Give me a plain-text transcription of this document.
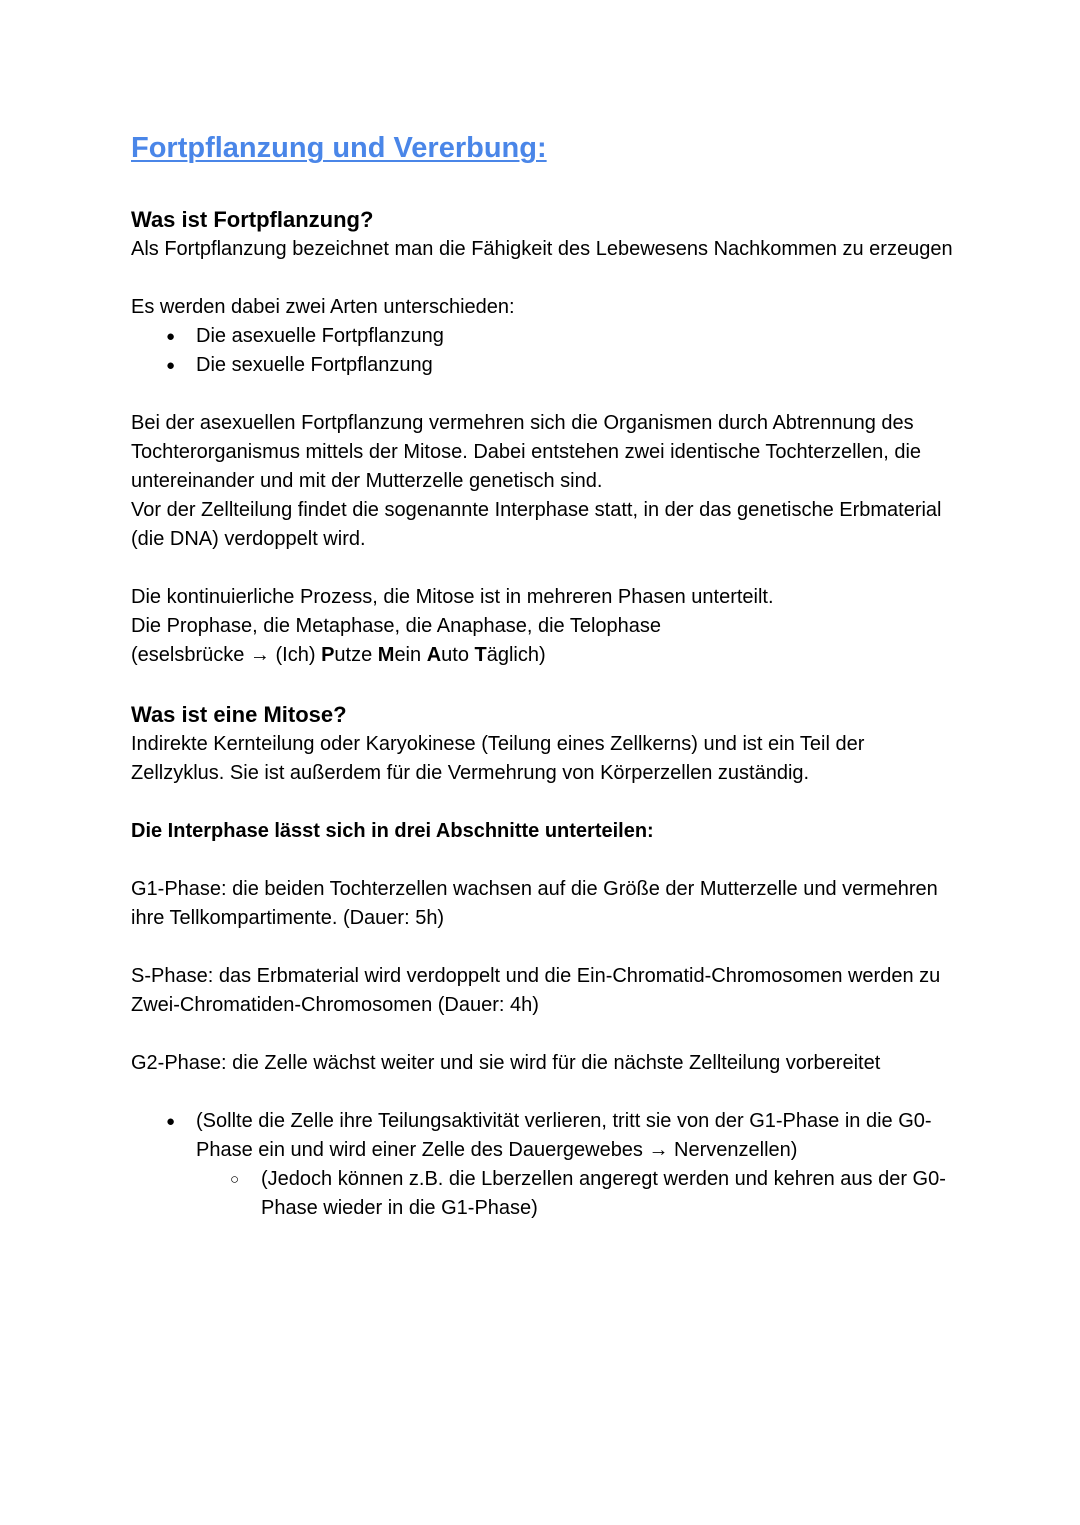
Fortpflanzung und Vererbung:
Was ist Fortpflanzung?

Als Fortpflanzung bezeichnet man die Fähigkeit des Lebewesens Nachkommen zu erzeugen

Es werden dabei zwei Arten unterschieden:

● Die asexuelle Fortpflanzung
● Die sexuelle Fortpflanzung

Bei der asexuellen Fortpflanzung vermehren sich die Organismen durch Abtrennung des Tochterorganismus mittels der Mitose. Dabei entstehen zwei identische Tochterzellen, die untereinander und mit der Mutterzelle genetisch sind.

Vor der Zellteilung findet die sogenannte Interphase statt, in der das genetische Erbmaterial (die DNA) verdoppelt wird.

Die kontinuierliche Prozess, die Mitose ist in mehreren Phasen unterteilt.

Die Prophase, die Metaphase, die Anaphase, die Telophase

(eselsbrücke → (Ich) Putze Mein Auto Täglich)

Was ist eine Mitose?

Indirekte Kernteilung oder Karyokinese (Teilung eines Zellkerns) und ist ein Teil der Zellzyklus. Sie ist außerdem für die Vermehrung von Körperzellen zuständig.

Die Interphase lässt sich in drei Abschnitte unterteilen:

G1-Phase: die beiden Tochterzellen wachsen auf die Größe der Mutterzelle und vermehren ihre Tellkompartimente. (Dauer: 5h)

S-Phase: das Erbmaterial wird verdoppelt und die Ein-Chromatid-Chromosomen werden zu Zwei-Chromatiden-Chromosomen (Dauer: 4h)

G2-Phase: die Zelle wächst weiter und sie wird für die nächste Zellteilung vorbereitet

● (Sollte die Zelle ihre Teilungsaktivität verlieren, tritt sie von der G1-Phase in die G0-Phase ein und wird einer Zelle des Dauergewebes → Nervenzellen)
○ (Jedoch können z.B. die Lberzellen angeregt werden und kehren aus der G0-Phase wieder in die G1-Phase)
